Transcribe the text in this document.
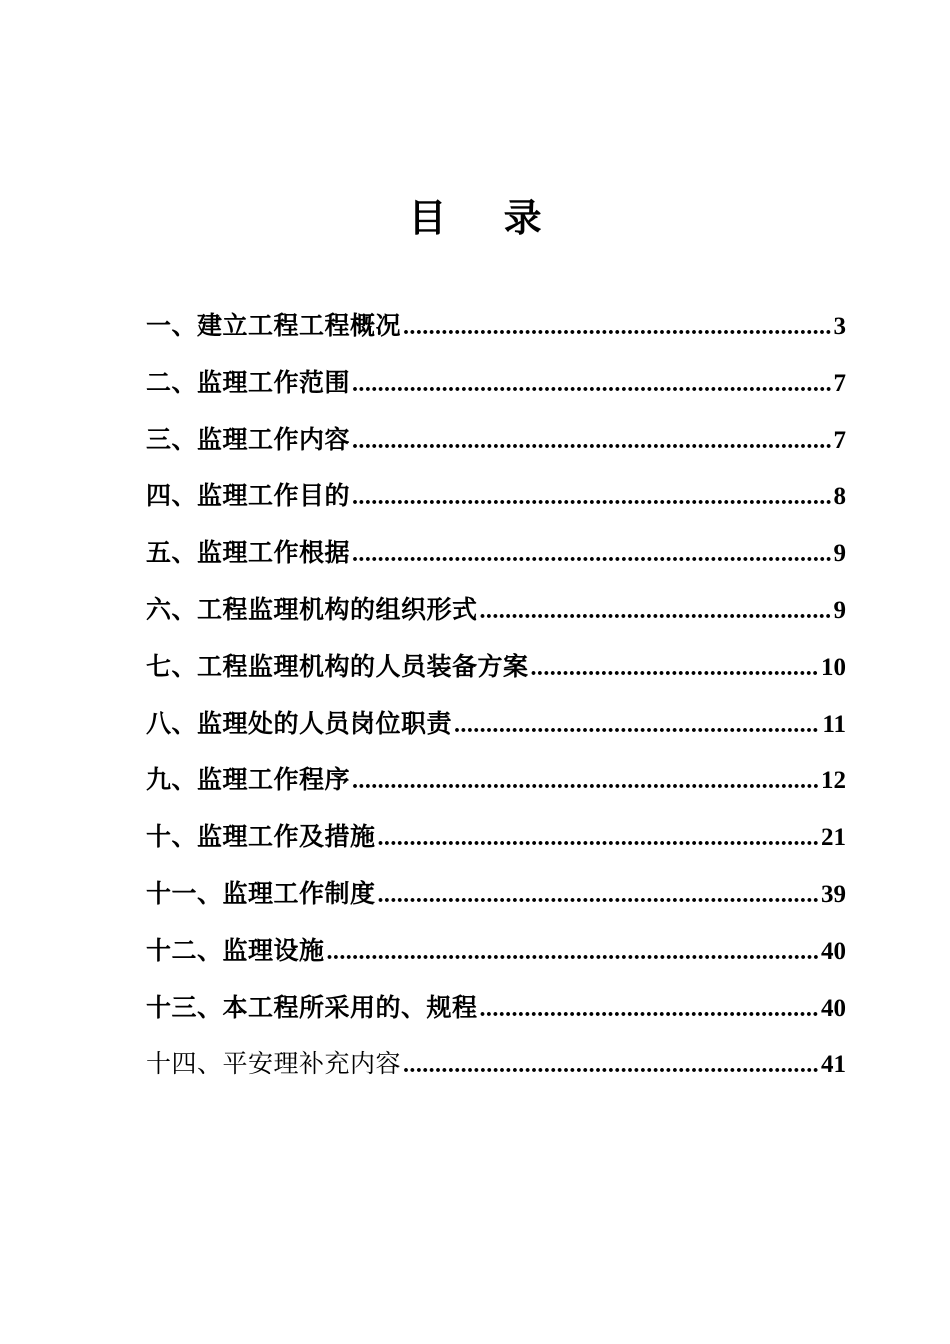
目 录
一、建立工程工程概况 .....	3
二、监理工作范围 .....	7
三、监理工作内容 .....	7
四、监理工作目的 .....	8
五、监理工作根据 .....	9
六、工程监理机构的组织形式 .....	9
七、工程监理机构的人员装备方案 .....	10
八、监理处的人员岗位职责 .....	11
九、监理工作程序 .....	12
十、监理工作及措施 .....	21
十一、监理工作制度 .....	39
十二、监理设施 .....	40
十三、本工程所采用的、规程 .....	40
十四、平安理补充内容 .....	41
